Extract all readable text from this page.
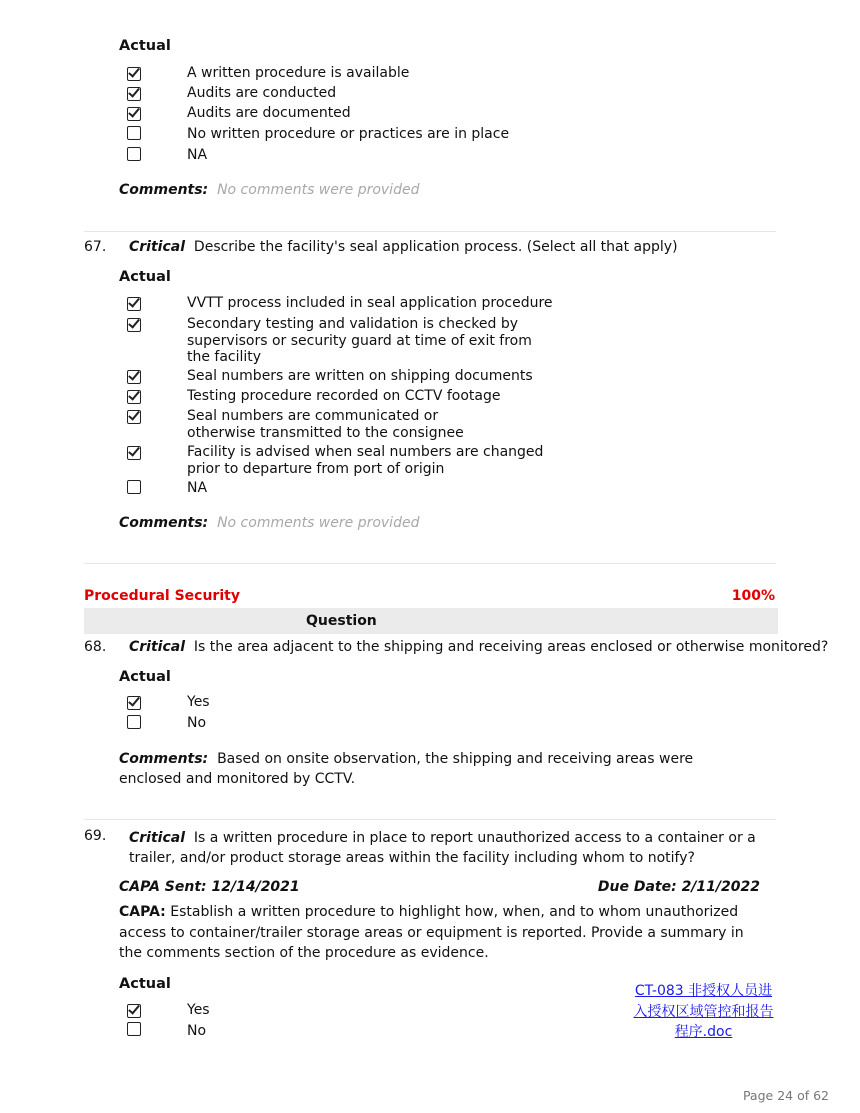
Actual
A written procedure is available
Audits are conducted
Audits are documented
No written procedure or practices are in place
NA
Comments: No comments were provided
67. Critical Describe the facility's seal application process. (Select all that apply)
Actual
VVTT process included in seal application procedure
Secondary testing and validation is checked by supervisors or security guard at time of exit from the facility
Seal numbers are written on shipping documents
Testing procedure recorded on CCTV footage
Seal numbers are communicated or otherwise transmitted to the consignee
Facility is advised when seal numbers are changed prior to departure from port of origin
NA
Comments: No comments were provided
Procedural Security	100%
Question
68. Critical Is the area adjacent to the shipping and receiving areas enclosed or otherwise monitored?
Actual
Yes
No
Comments: Based on onsite observation, the shipping and receiving areas were enclosed and monitored by CCTV.
69. Critical Is a written procedure in place to report unauthorized access to a container or a trailer, and/or product storage areas within the facility including whom to notify?
CAPA Sent: 12/14/2021	Due Date: 2/11/2022
CAPA: Establish a written procedure to highlight how, when, and to whom unauthorized access to container/trailer storage areas or equipment is reported. Provide a summary in the comments section of the procedure as evidence.
Actual
Yes
No
CT-083 非授权人员进入授权区域管控和报告程序.doc
Page 24 of 62
